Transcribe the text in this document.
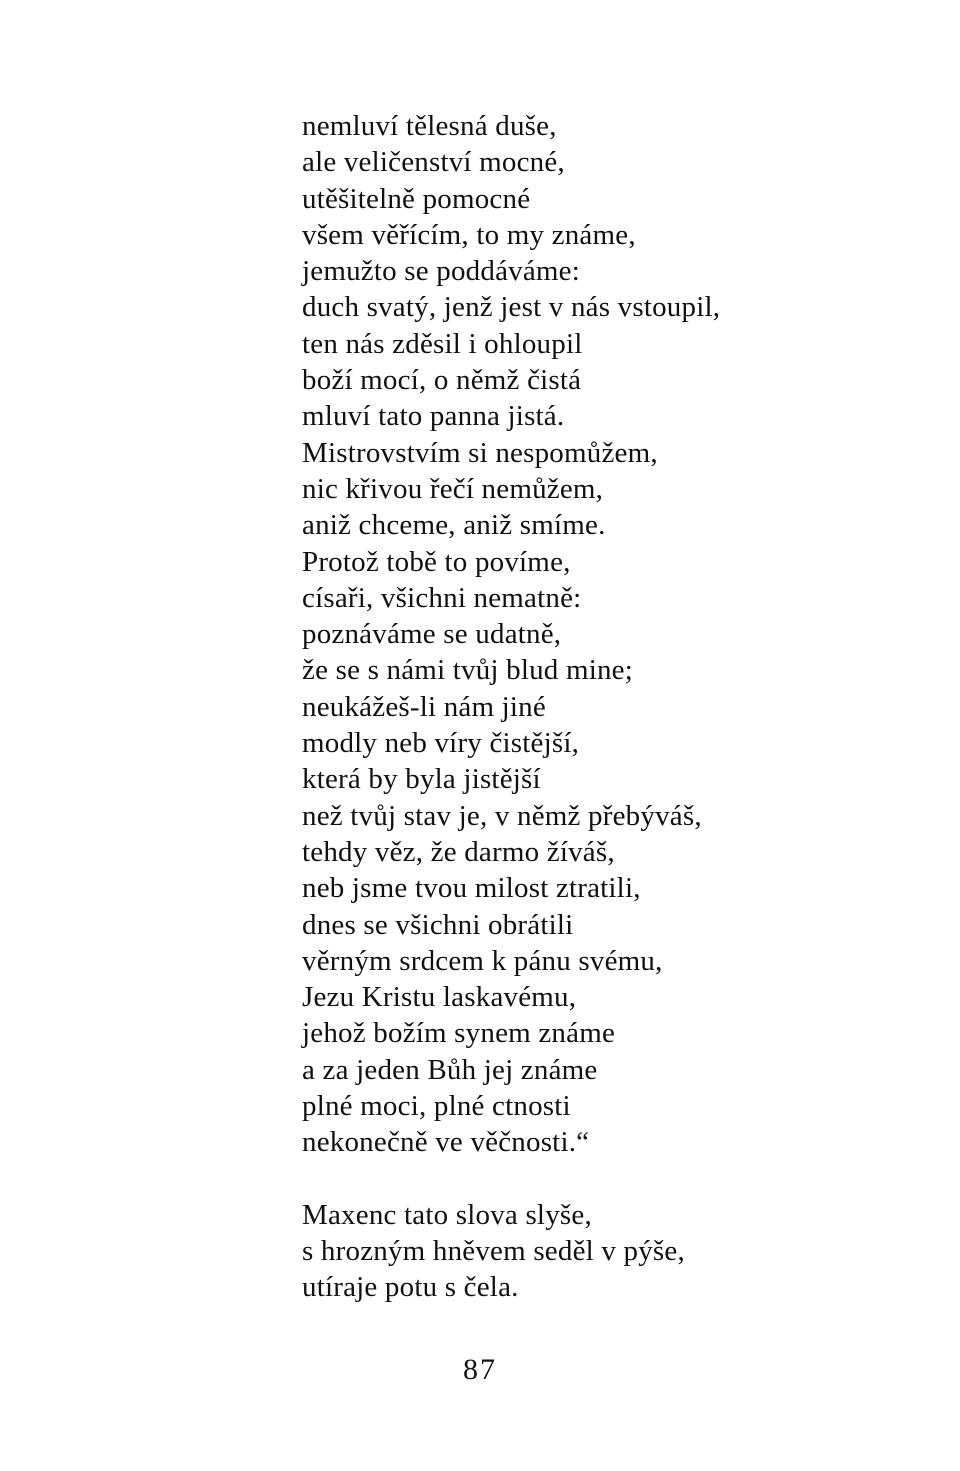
nemluví tělesná duše,
ale veličenství mocné,
utěšitelně pomocné
všem věřícím, to my známe,
jemužto se poddáváme:
duch svatý, jenž jest v nás vstoupil,
ten nás zděsil i ohloupil
boží mocí, o němž čistá
mluví tato panna jistá.
Mistrovstvím si nespomůžem,
nic křivou řečí nemůžem,
aniž chceme, aniž smíme.
Protož tobě to povíme,
císaři, všichni nematně:
poznáváme se udatně,
že se s námi tvůj blud mine;
neukážeš-li nám jiné
modly neb víry čistější,
která by byla jistější
než tvůj stav je, v němž přebýváš,
tehdy věz, že darmo žíváš,
neb jsme tvou milost ztratili,
dnes se všichni obrátili
věrným srdcem k pánu svému,
Jezu Kristu laskavému,
jehož božím synem známe
a za jeden Bůh jej známe
plné moci, plné ctnosti
nekonečně ve věčnosti.“
Maxenc tato slova slyše,
s hrozným hněvem seděl v pýše,
utíraje potu s čela.
87
